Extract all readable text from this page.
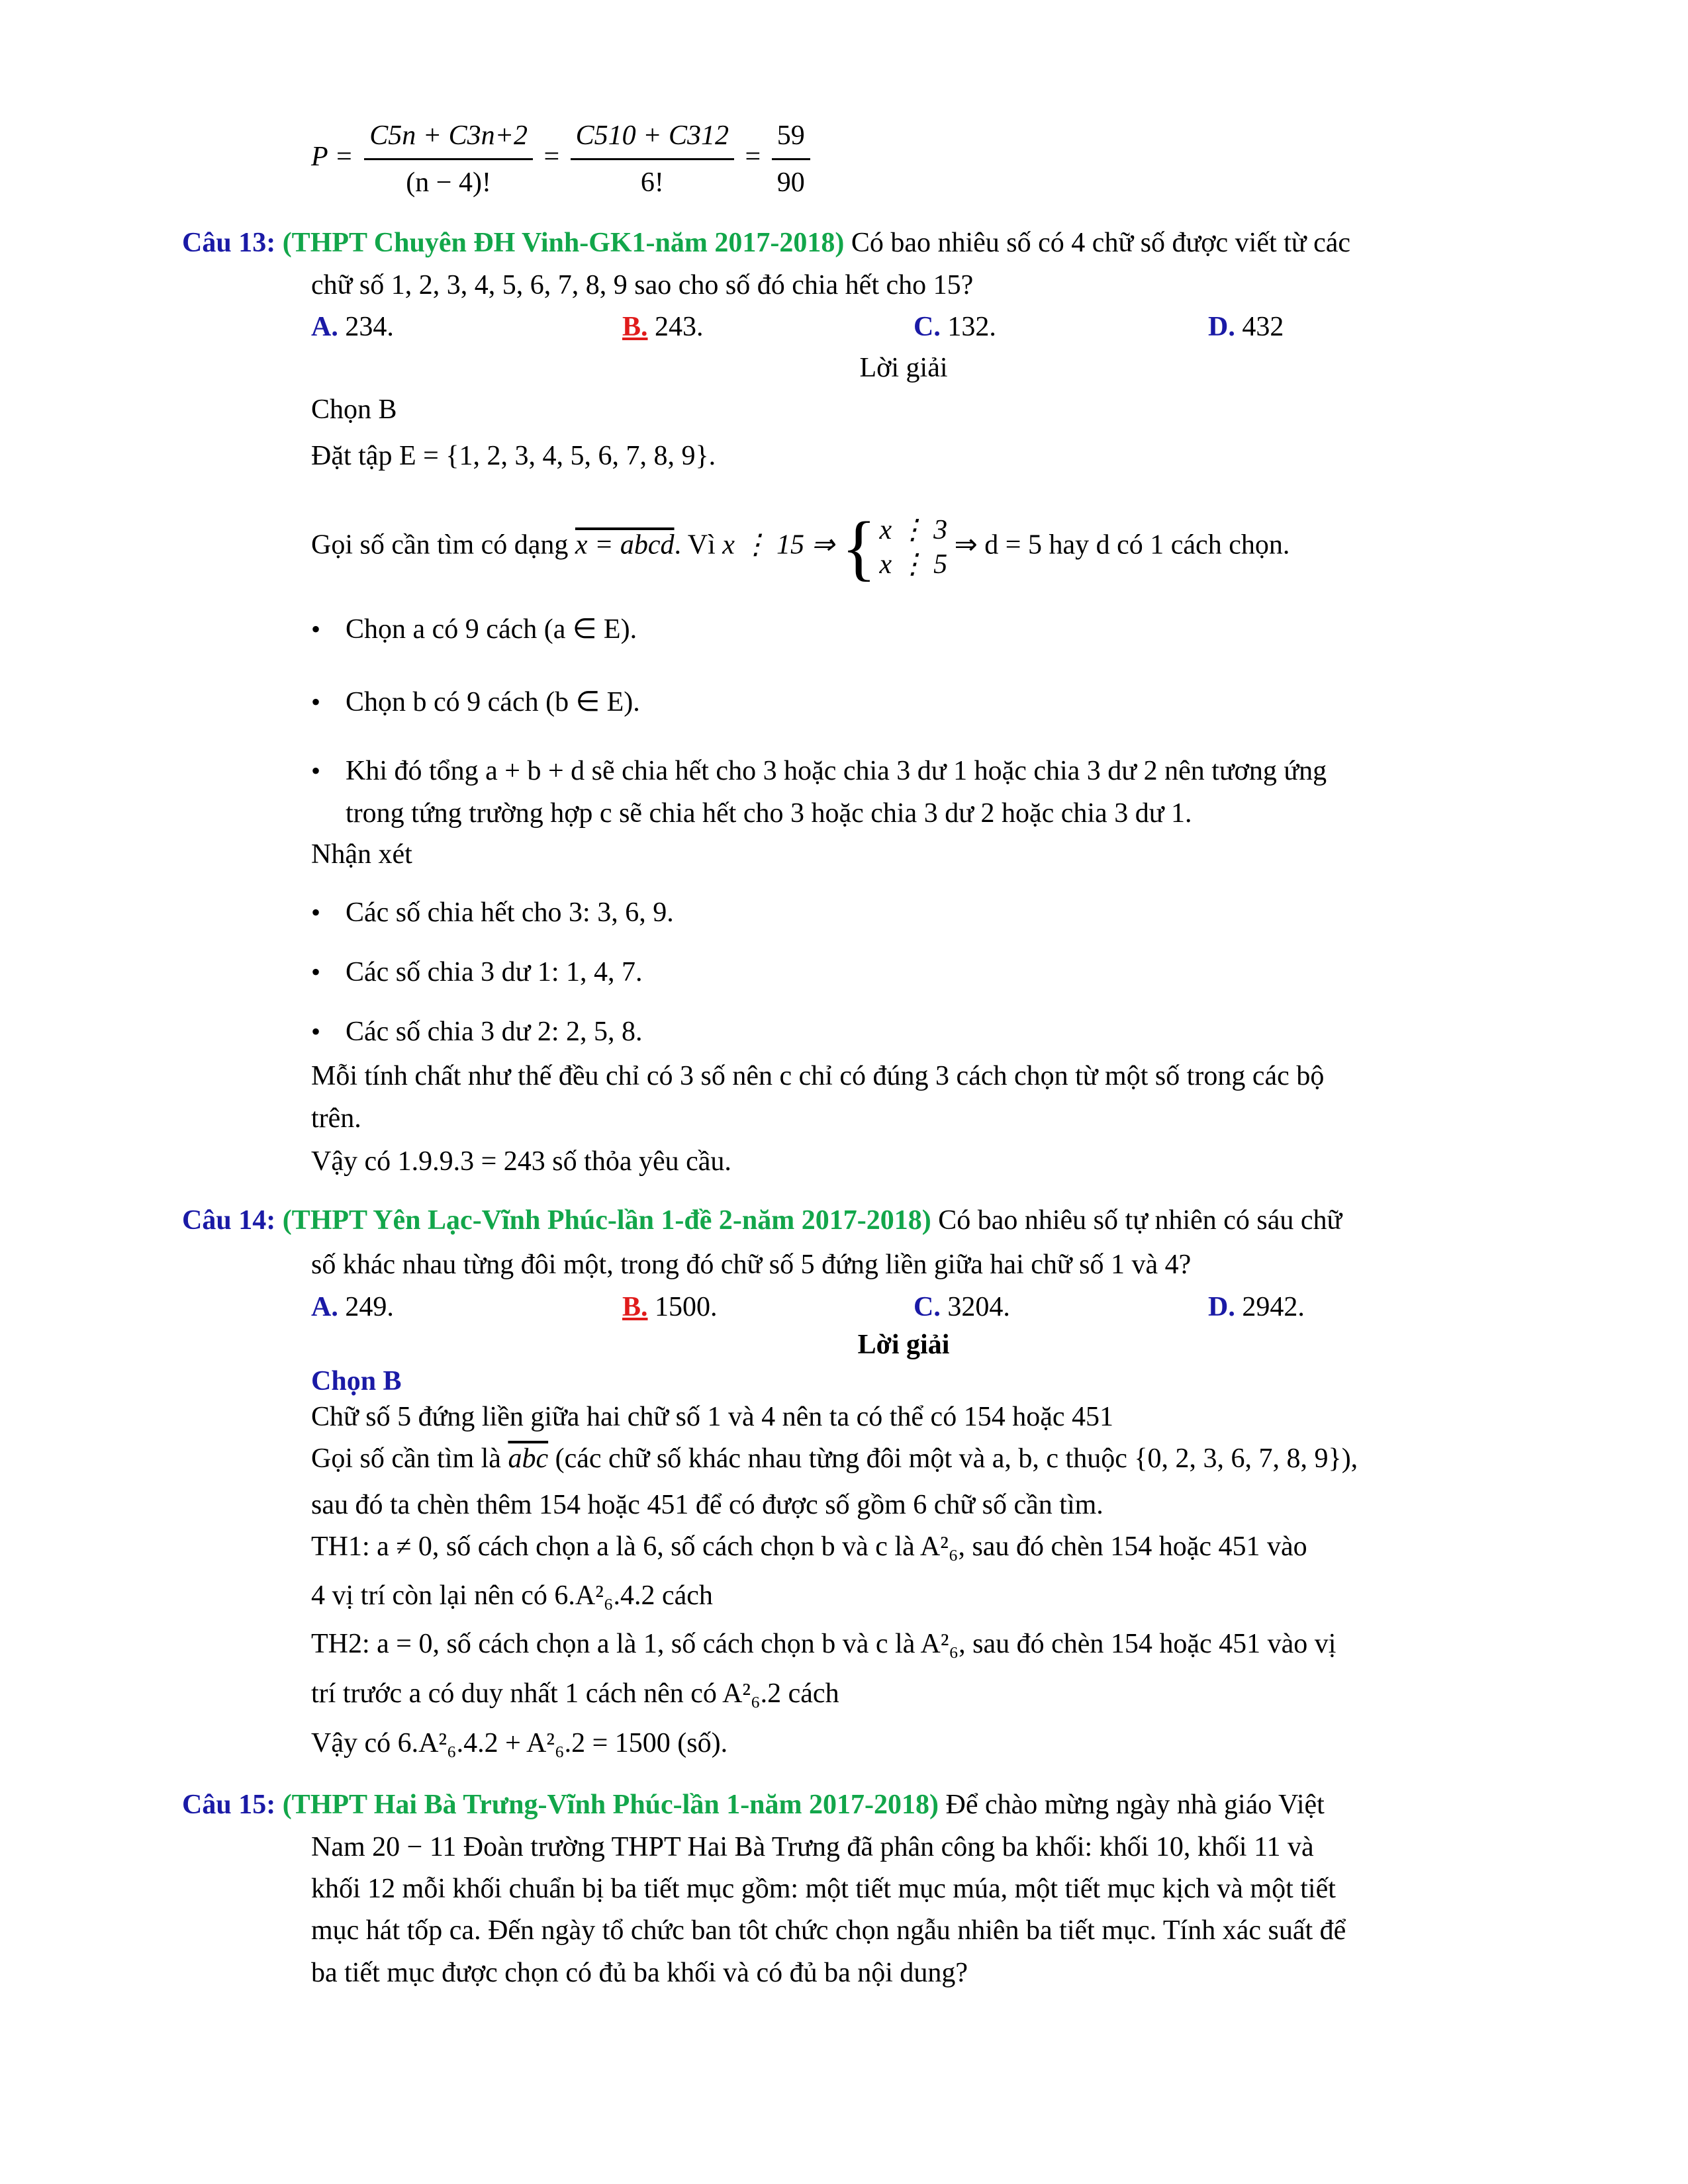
$P = \frac{C5n + C3n+2}{(n - 4)!} = \frac{C510 + C312}{6!} = \frac{59}{90}$
Câu 13: (THPT Chuyên ĐH Vinh-GK1-năm 2017-2018) Có bao nhiêu số có 4 chữ số được viết từ các
chữ số 1, 2, 3, 4, 5, 6, 7, 8, 9 sao cho số đó chia hết cho 15?
A. 234.	B. 243.	C. 132.	D. 432
Lời giải
Chọn B
Đặt tập E = {1, 2, 3, 4, 5, 6, 7, 8, 9}.
Gọi số cần tìm có dạng x = abcd. Vì x ⋮ 15 ⇒ { x ⋮ 3
x ⋮ 5
⇒ d = 5 hay d có 1 cách chọn.
• Chọn a có 9 cách (a ∈ E).
• Chọn b có 9 cách (b ∈ E).
• Khi đó tổng a + b + d sẽ chia hết cho 3 hoặc chia 3 dư 1 hoặc chia 3 dư 2 nên tương ứng
trong tứng trường hợp c sẽ chia hết cho 3 hoặc chia 3 dư 2 hoặc chia 3 dư 1.
Nhận xét
• Các số chia hết cho 3: 3, 6, 9.
• Các số chia 3 dư 1: 1, 4, 7.
• Các số chia 3 dư 2: 2, 5, 8.
Mỗi tính chất như thế đều chỉ có 3 số nên c chỉ có đúng 3 cách chọn từ một số trong các bộ
trên.
Vậy có 1.9.9.3 = 243 số thỏa yêu cầu.
Câu 14: (THPT Yên Lạc-Vĩnh Phúc-lần 1-đề 2-năm 2017-2018) Có bao nhiêu số tự nhiên có sáu chữ
số khác nhau từng đôi một, trong đó chữ số 5 đứng liền giữa hai chữ số 1 và 4?
A. 249.	B. 1500.	C. 3204.	D. 2942.
Lời giải
Chọn B
Chữ số 5 đứng liền giữa hai chữ số 1 và 4 nên ta có thể có 154 hoặc 451
Gọi số cần tìm là $\overline{abc}$ (các chữ số khác nhau từng đôi một và a, b, c thuộc {0, 2, 3, 6, 7, 8, 9}),
sau đó ta chèn thêm 154 hoặc 451 để có được số gồm 6 chữ số cần tìm.
TH1: a ≠ 0, số cách chọn a là 6, số cách chọn b và c là A²₆, sau đó chèn 154 hoặc 451 vào
4 vị trí còn lại nên có 6.A²₆.4.2 cách
TH2: a = 0, số cách chọn a là 1, số cách chọn b và c là A²₆, sau đó chèn 154 hoặc 451 vào vị
trí trước a có duy nhất 1 cách nên có A²₆.2 cách
Vậy có 6.A²₆.4.2 + A²₆.2 = 1500 (số).
Câu 15: (THPT Hai Bà Trưng-Vĩnh Phúc-lần 1-năm 2017-2018) Để chào mừng ngày nhà giáo Việt
Nam 20 − 11 Đoàn trường THPT Hai Bà Trưng đã phân công ba khối: khối 10, khối 11 và
khối 12 mỗi khối chuẩn bị ba tiết mục gồm: một tiết mục múa, một tiết mục kịch và một tiết
mục hát tốp ca. Đến ngày tổ chức ban tôt chức chọn ngẫu nhiên ba tiết mục. Tính xác suất để
ba tiết mục được chọn có đủ ba khối và có đủ ba nội dung?
